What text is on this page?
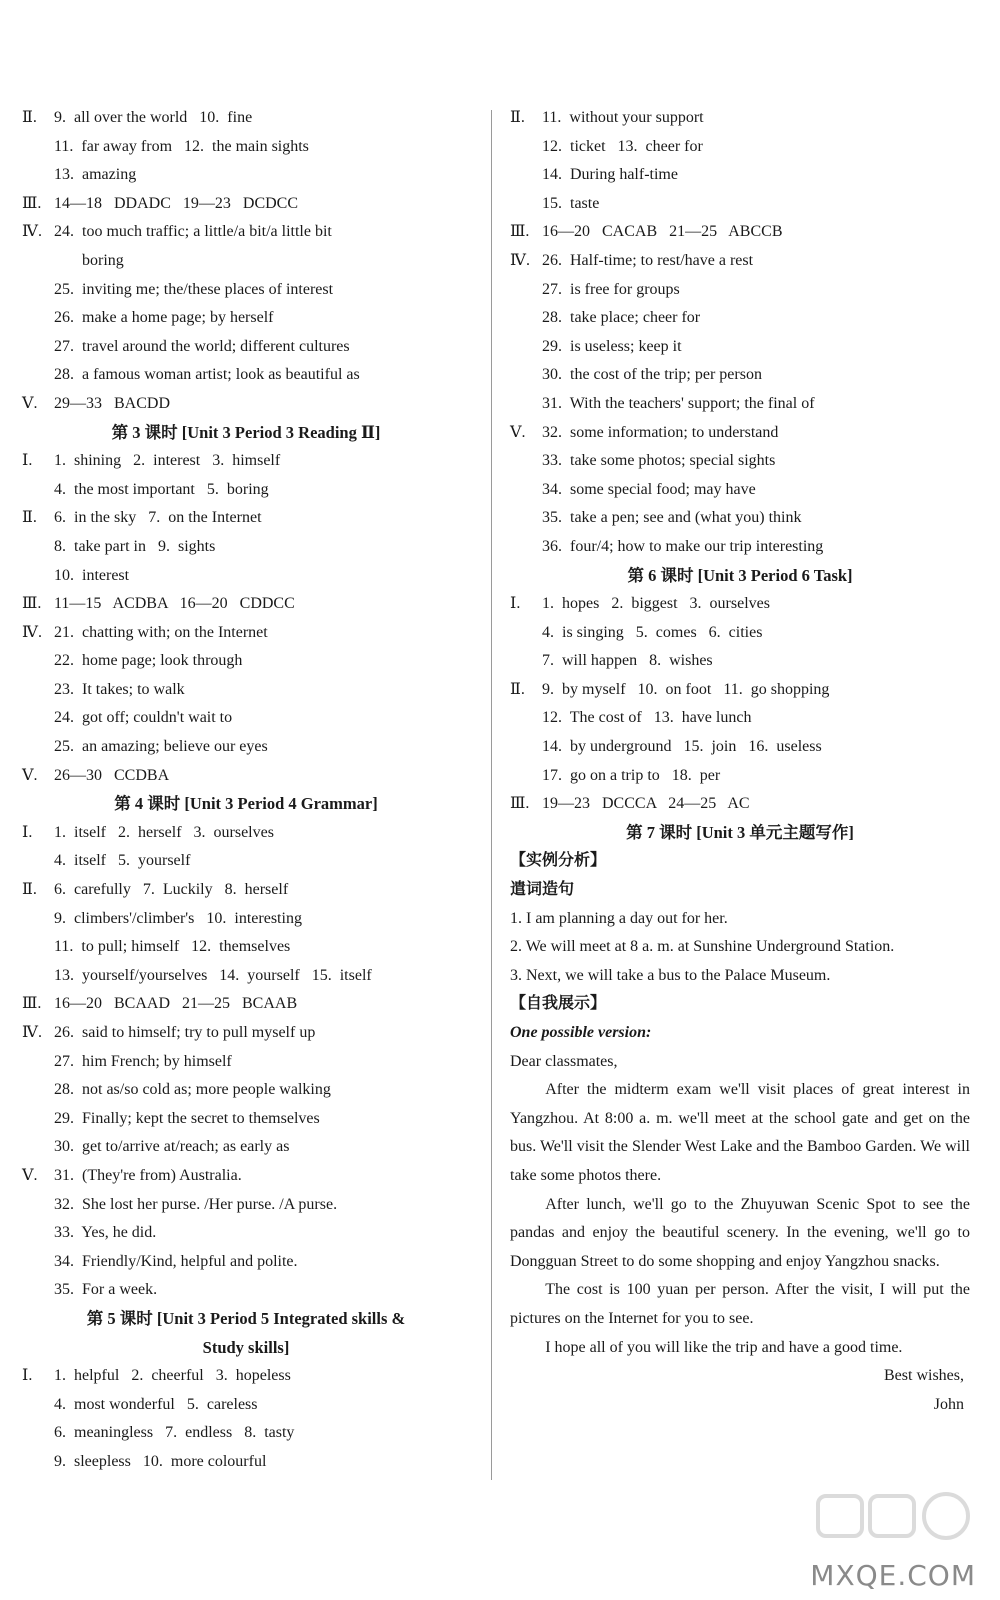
Ⅱ. 9.  all over the world   10.  fine
11.  far away from   12.  the main sights
13.  amazing
Ⅲ. 14—18   DDADC   19—23   DCDCC
Ⅳ. 24.  too much traffic; a little/a bit/a little bit
boring
25.  inviting me; the/these places of interest
26.  make a home page; by herself
27.  travel around the world; different cultures
28.  a famous woman artist; look as beautiful as
Ⅴ. 29—33   BACDD
第 3 课时 [Unit 3 Period 3 Reading Ⅱ]
Ⅰ. 1.  shining   2.  interest   3.  himself
4.  the most important   5.  boring
Ⅱ. 6.  in the sky   7.  on the Internet
8.  take part in   9.  sights
10.  interest
Ⅲ. 11—15   ACDBA   16—20   CDDCC
Ⅳ. 21.  chatting with; on the Internet
22.  home page; look through
23.  It takes; to walk
24.  got off; couldn't wait to
25.  an amazing; believe our eyes
Ⅴ. 26—30   CCDBA
第 4 课时 [Unit 3 Period 4 Grammar]
Ⅰ. 1.  itself   2.  herself   3.  ourselves
4.  itself   5.  yourself
Ⅱ. 6.  carefully   7.  Luckily   8.  herself
9.  climbers'/climber's   10.  interesting
11.  to pull; himself   12.  themselves
13.  yourself/yourselves   14.  yourself   15.  itself
Ⅲ. 16—20   BCAAD   21—25   BCAAB
Ⅳ. 26.  said to himself; try to pull myself up
27.  him French; by himself
28.  not as/so cold as; more people walking
29.  Finally; kept the secret to themselves
30.  get to/arrive at/reach; as early as
Ⅴ. 31.  (They're from) Australia.
32.  She lost her purse. /Her purse. /A purse.
33.  Yes, he did.
34.  Friendly/Kind, helpful and polite.
35.  For a week.
第 5 课时 [Unit 3 Period 5 Integrated skills &
Study skills]
Ⅰ. 1.  helpful   2.  cheerful   3.  hopeless
4.  most wonderful   5.  careless
6.  meaningless   7.  endless   8.  tasty
9.  sleepless   10.  more colourful
Ⅱ. 11.  without your support
12.  ticket   13.  cheer for
14.  During half-time
15.  taste
Ⅲ. 16—20   CACAB   21—25   ABCCB
Ⅳ. 26.  Half-time; to rest/have a rest
27.  is free for groups
28.  take place; cheer for
29.  is useless; keep it
30.  the cost of the trip; per person
31.  With the teachers' support; the final of
Ⅴ. 32.  some information; to understand
33.  take some photos; special sights
34.  some special food; may have
35.  take a pen; see and (what you) think
36.  four/4; how to make our trip interesting
第 6 课时 [Unit 3 Period 6 Task]
Ⅰ. 1.  hopes   2.  biggest   3.  ourselves
4.  is singing   5.  comes   6.  cities
7.  will happen   8.  wishes
Ⅱ. 9.  by myself   10.  on foot   11.  go shopping
12.  The cost of   13.  have lunch
14.  by underground   15.  join   16.  useless
17.  go on a trip to   18.  per
Ⅲ. 19—23   DCCCA   24—25   AC
第 7 课时 [Unit 3 单元主题写作]
【实例分析】
遣词造句
1. I am planning a day out for her.
2. We will meet at 8 a. m. at Sunshine Underground Station.
3. Next, we will take a bus to the Palace Museum.
【自我展示】
One possible version:
Dear classmates,

After the midterm exam we'll visit places of great interest in Yangzhou. At 8:00 a. m. we'll meet at the school gate and get on the bus. We'll visit the Slender West Lake and the Bamboo Garden. We will take some photos there.

After lunch, we'll go to the Zhuyuwan Scenic Spot to see the pandas and enjoy the beautiful scenery. In the evening, we'll go to Dongguan Street to do some shopping and enjoy Yangzhou snacks.

The cost is 100 yuan per person. After the visit, I will put the pictures on the Internet for you to see.

I hope all of you will like the trip and have a good time.

Best wishes,
John
MXQE.COM
